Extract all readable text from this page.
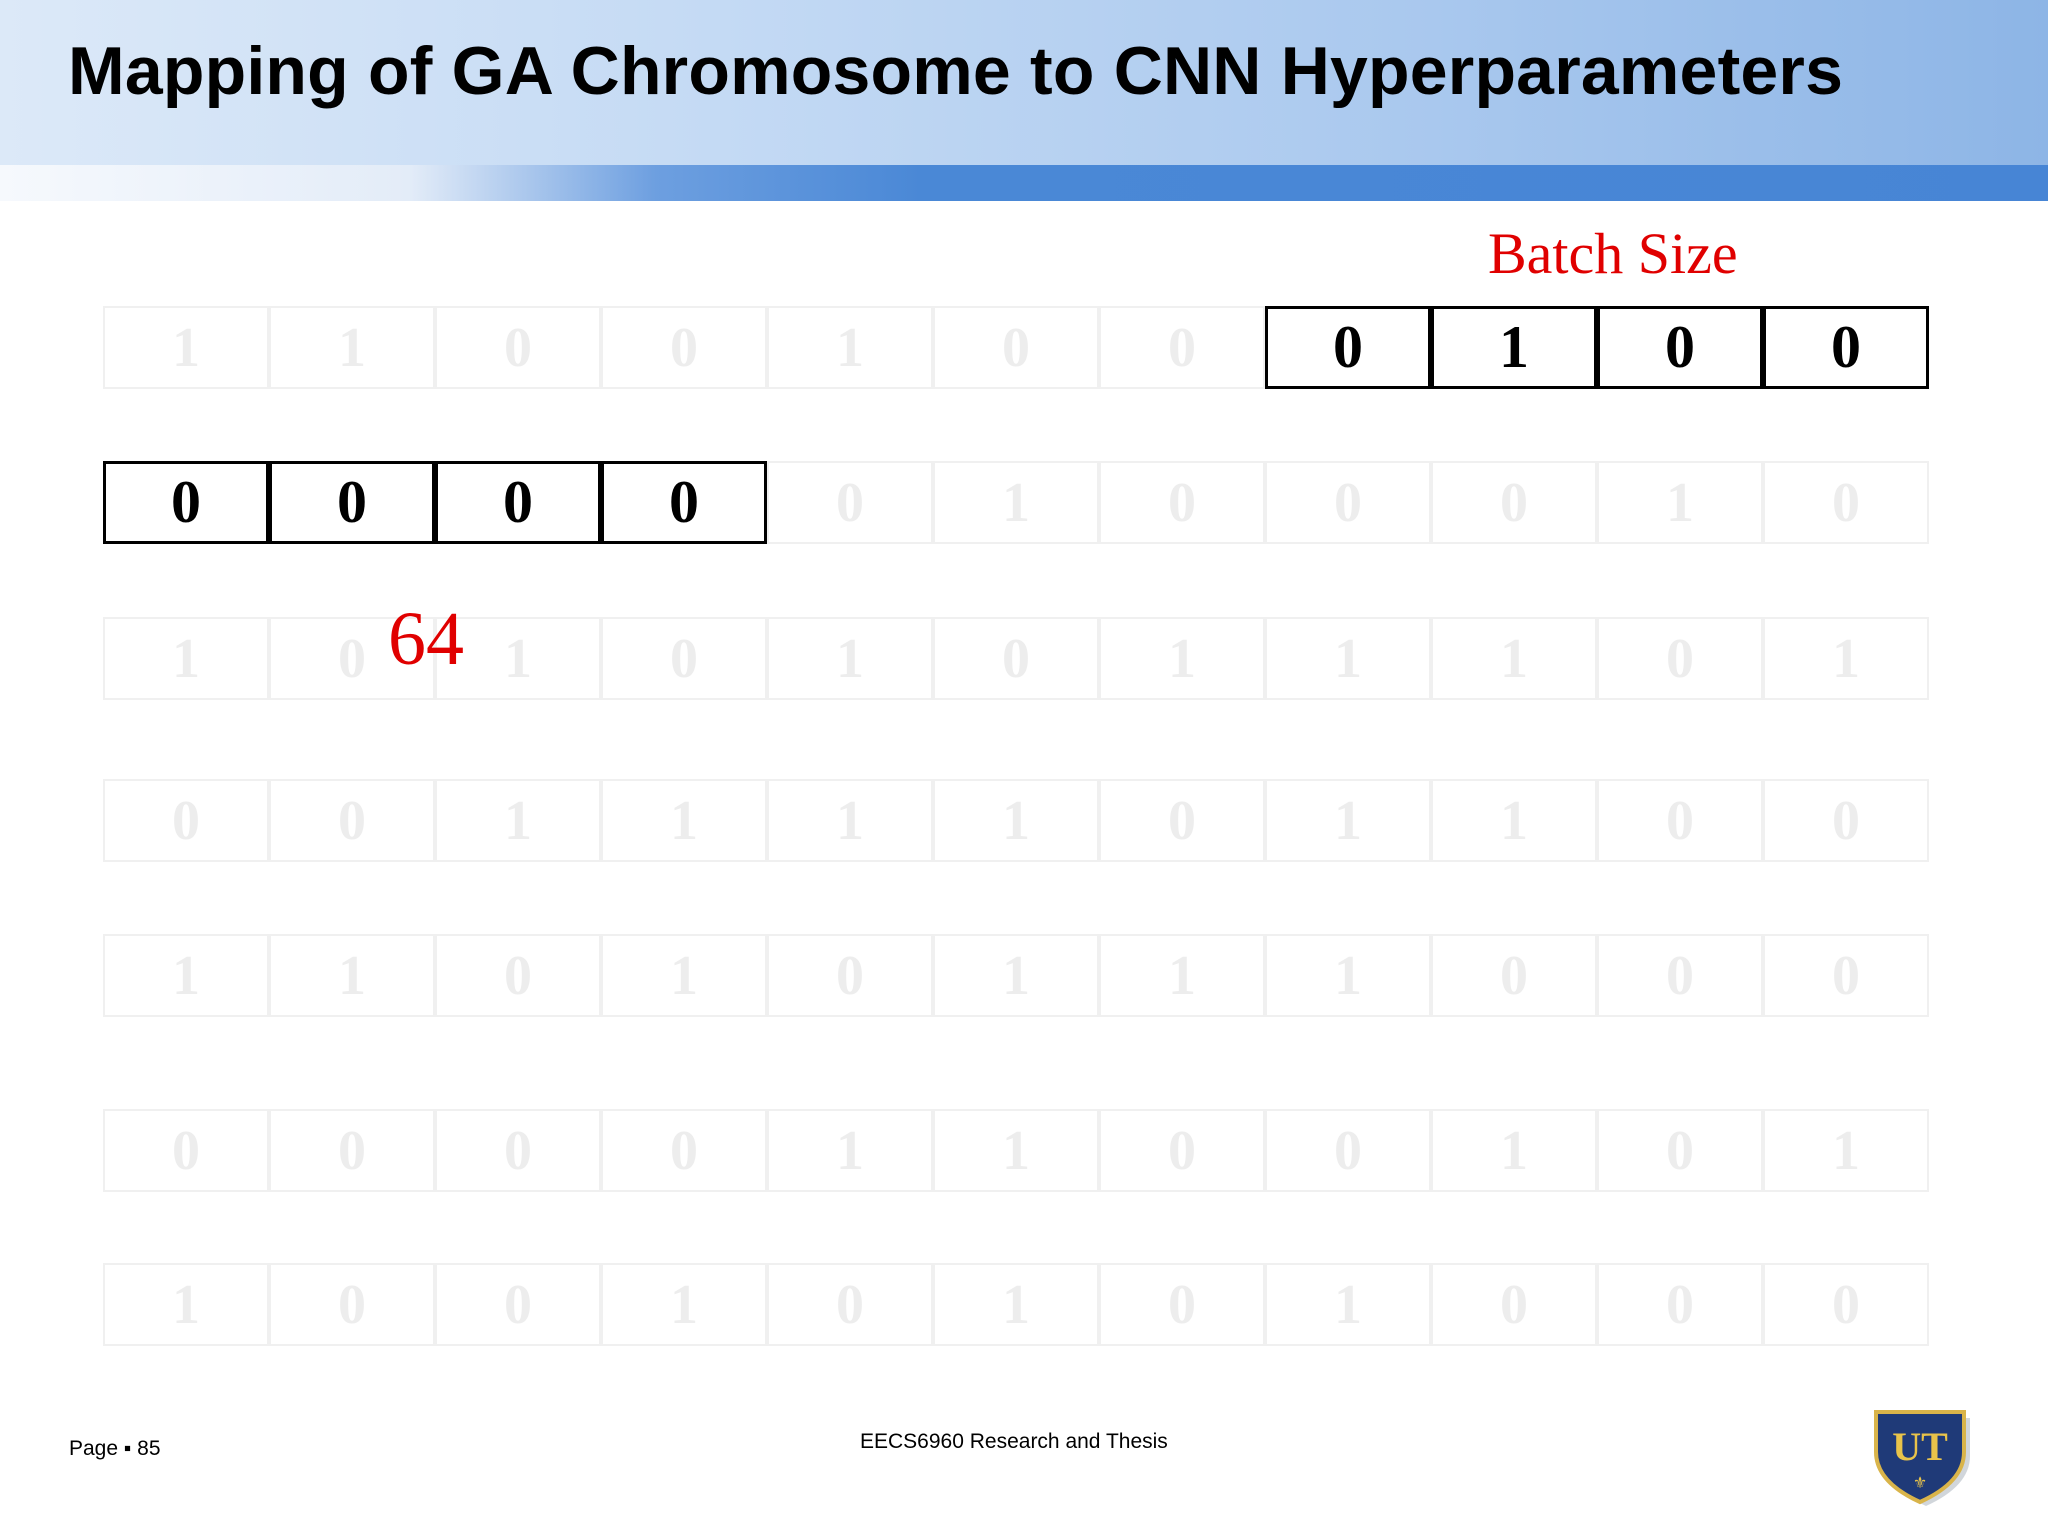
Mapping of GA Chromosome to CNN Hyperparameters
Batch Size
1	1	0	0	1	0	0	0	1	0	0
0	0	0	0	0	1	0	0	0	1	0
1	0	1	0	1	0	1	1	1	0	1
0	0	1	1	1	1	0	1	1	0	0
1	1	0	1	0	1	1	1	0	0	0
0	0	0	0	1	1	0	0	1	0	1
1	0	0	1	0	1	0	1	0	0	0
64
Page ▪ 85	EECS6960 Research and Thesis	UT
⚜
